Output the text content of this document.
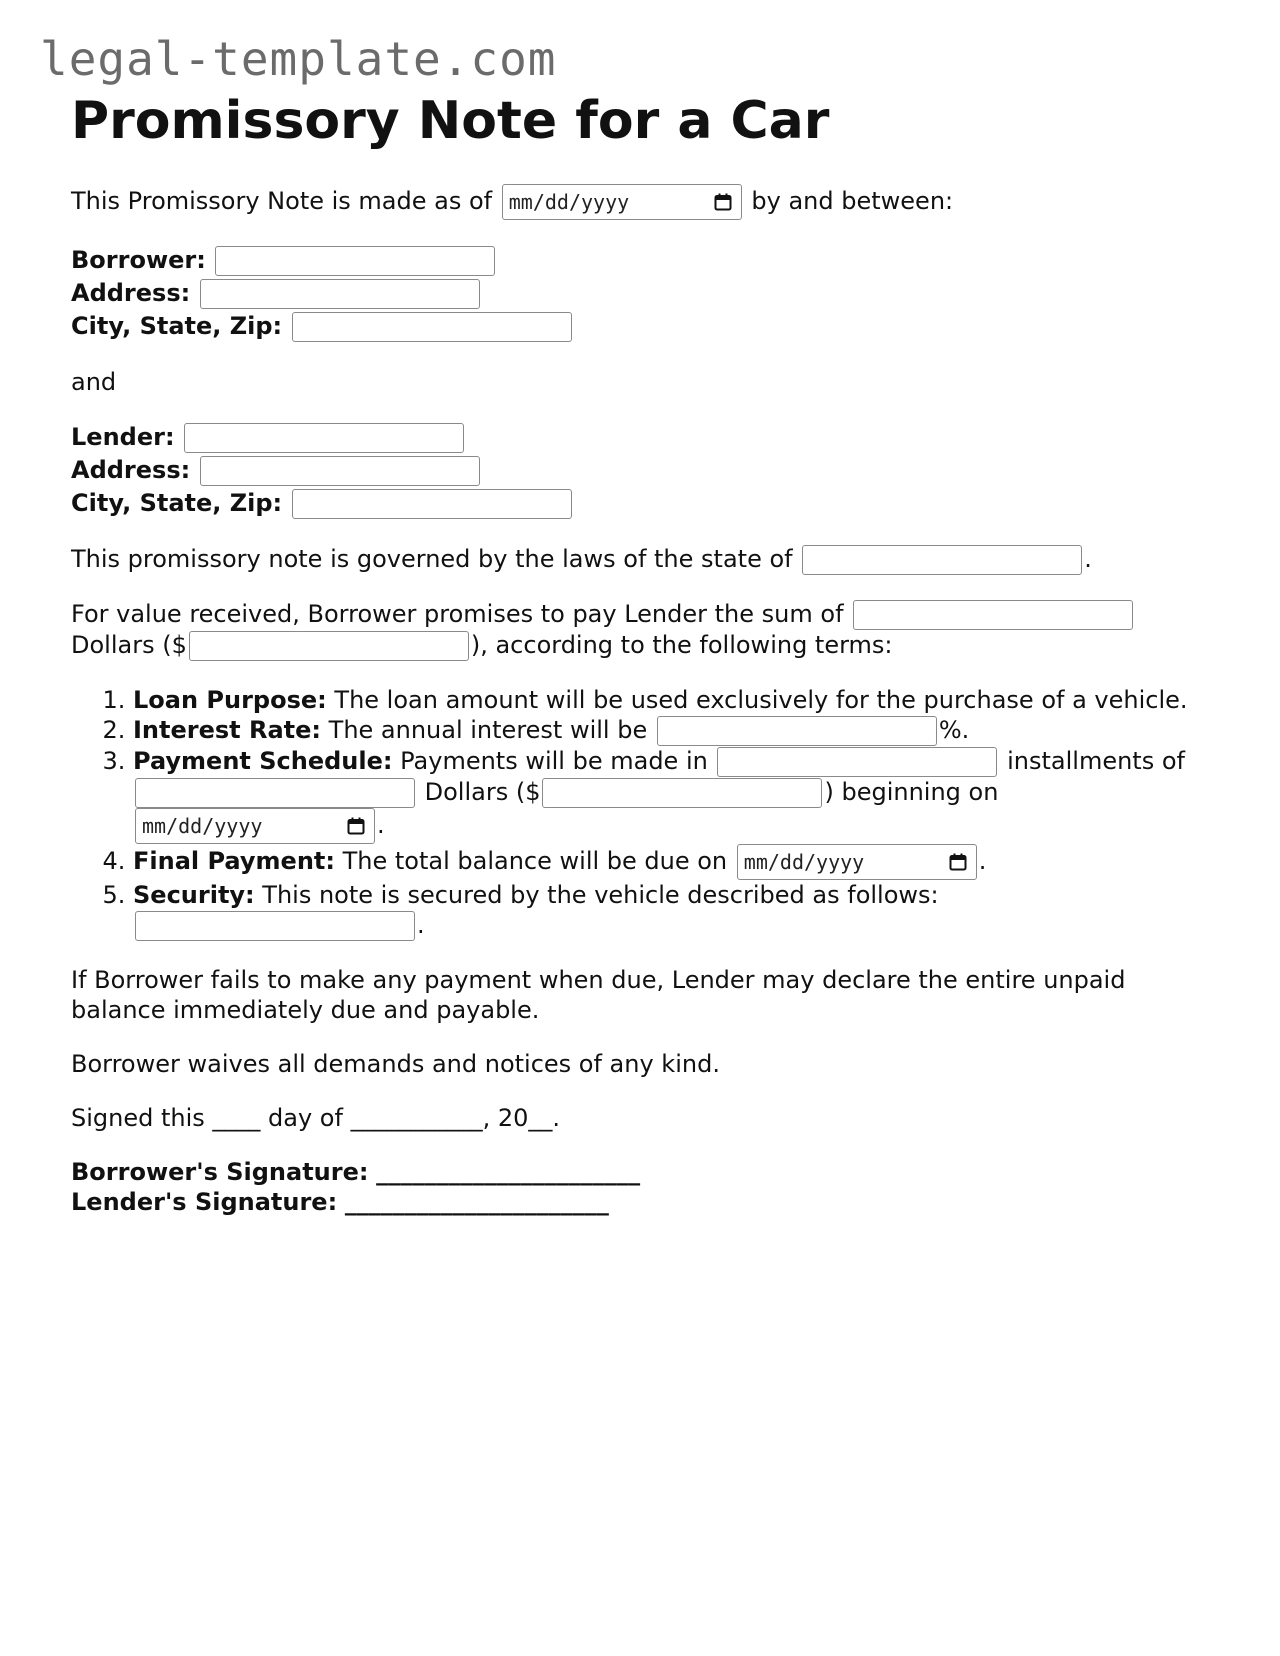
legal-template.com
Promissory Note for a Car

This Promissory Note is made as of mm/dd/yyyy	by and between:

Borrower:
Address:
City, State, Zip:

and

Lender:
Address:
City, State, Zip:

This promissory note is governed by the laws of the state of	.

For value received, Borrower promises to pay Lender the sum of  Dollars ($	), according to the following terms:

1. Loan Purpose: The loan amount will be used exclusively for the purchase of a vehicle.
2. Interest Rate: The annual interest will be	%.
3. Payment Schedule: Payments will be made in	installments of  Dollars ($	) beginning on
mm/dd/yyyy	.
4. Final Payment: The total balance will be due on mm/dd/yyyy	.
5. Security: This note is secured by the vehicle described as follows: .

If Borrower fails to make any payment when due, Lender may declare the entire unpaid balance immediately due and payable.

Borrower waives all demands and notices of any kind.

Signed this ____ day of ___________, 20__.

Borrower's Signature: ______________________
Lender's Signature: ______________________
